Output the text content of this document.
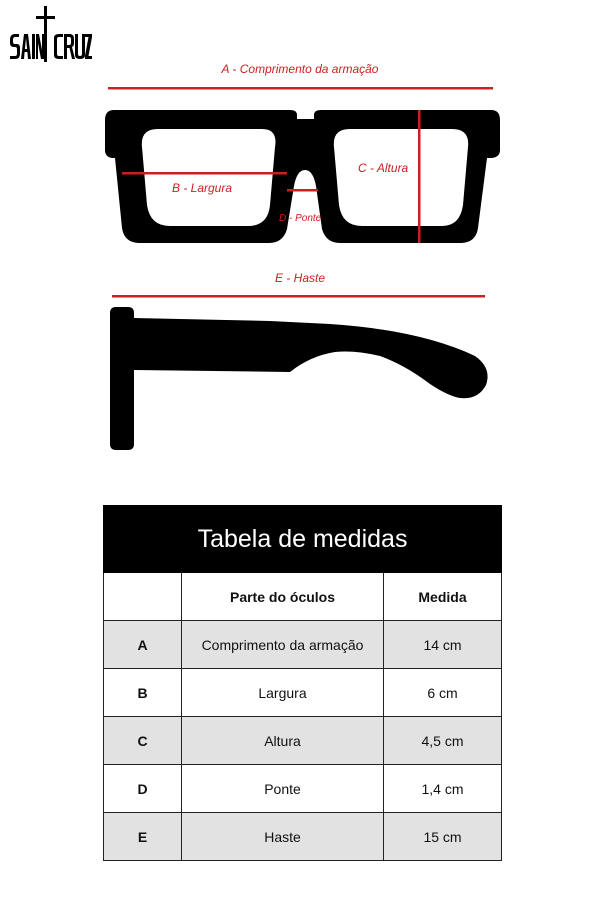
A - Comprimento da armação
B - Largura
C - Altura
D - Ponte
E - Haste
Tabela de medidas		
	Parte do óculos	Medida
A	Comprimento da armação	14 cm
B	Largura	6 cm
C	Altura	4,5 cm
D	Ponte	1,4 cm
E	Haste	15 cm
